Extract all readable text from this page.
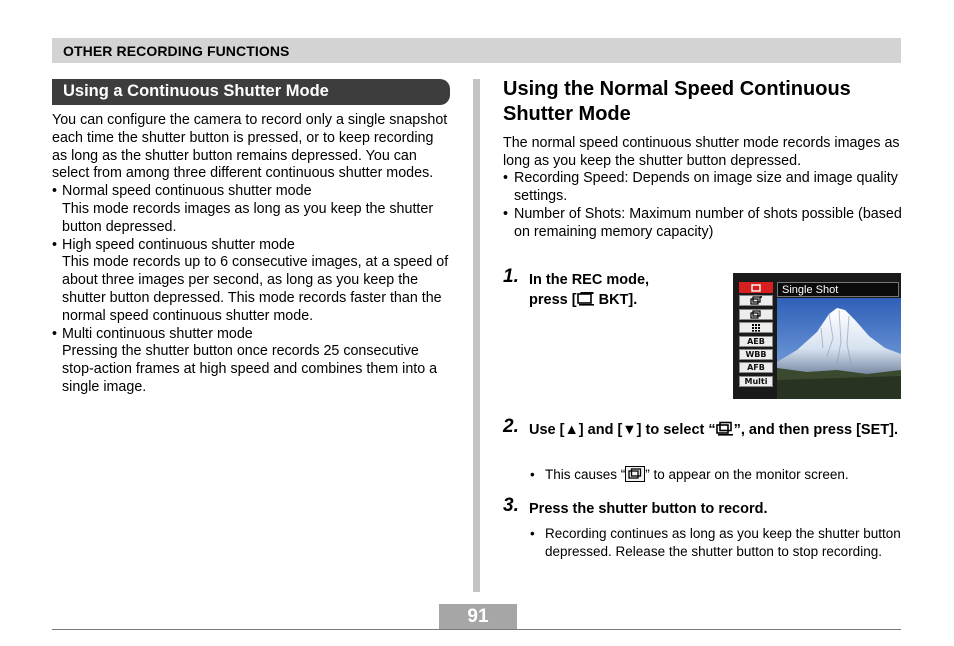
OTHER RECORDING FUNCTIONS
Using a Continuous Shutter Mode

You can configure the camera to record only a single snapshot each time the shutter button is pressed, or to keep recording as long as the shutter button remains depressed. You can select from among three different continuous shutter modes.

• Normal speed continuous shutter mode
This mode records images as long as you keep the shutter button depressed.
• High speed continuous shutter mode
This mode records up to 6 consecutive images, at a speed of about three images per second, as long as you keep the shutter button depressed. This mode records faster than the normal speed continuous shutter mode.
• Multi continuous shutter mode
Pressing the shutter button once records 25 consecutive stop-action frames at high speed and combines them into a single image.
Using the Normal Speed Continuous Shutter Mode
The normal speed continuous shutter mode records images as long as you keep the shutter button depressed.
• Recording Speed: Depends on image size and image quality settings.
• Number of Shots: Maximum number of shots possible (based on remaining memory capacity)
1. In the REC mode,
press [ BKT].
AEB
WBB
AFB
Multi
Single Shot
2. Use [▲] and [▼] to select “ ”, and then press [SET].
• This causes “ ” to appear on the monitor screen.
3. Press the shutter button to record.
• Recording continues as long as you keep the shutter button depressed. Release the shutter button to stop recording.
91
